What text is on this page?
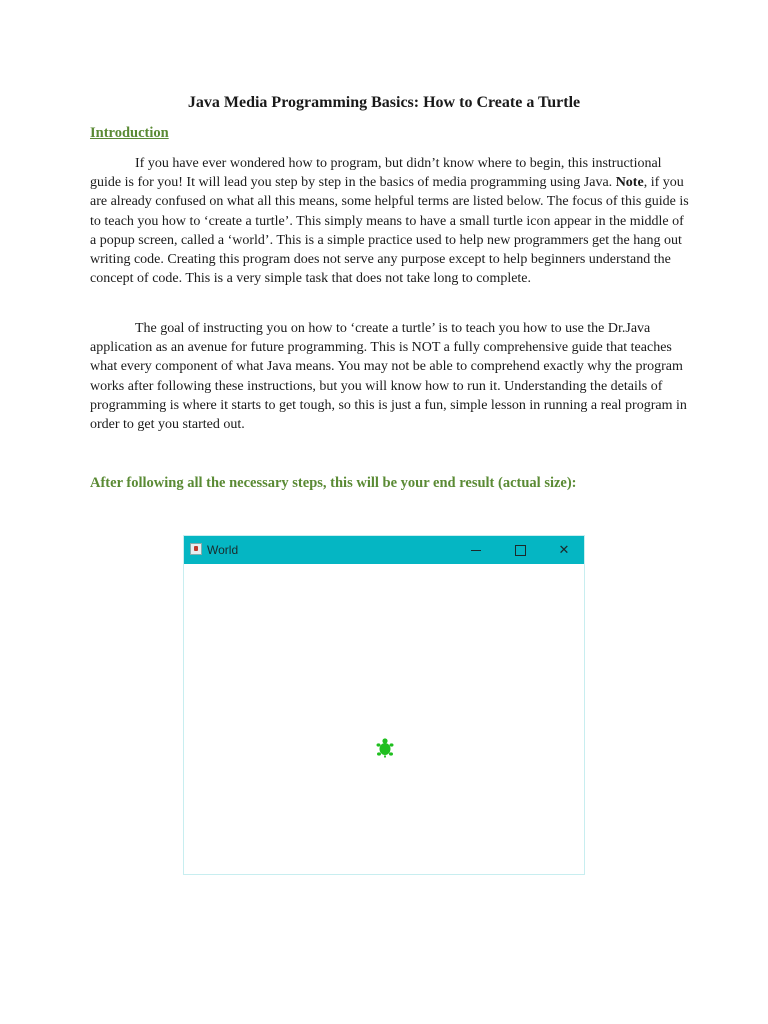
Java Media Programming Basics: How to Create a Turtle
Introduction
If you have ever wondered how to program, but didn’t know where to begin, this instructional guide is for you! It will lead you step by step in the basics of media programming using Java. Note, if you are already confused on what all this means, some helpful terms are listed below. The focus of this guide is to teach you how to ‘create a turtle’. This simply means to have a small turtle icon appear in the middle of a popup screen, called a ‘world’. This is a simple practice used to help new programmers get the hang out writing code. Creating this program does not serve any purpose except to help beginners understand the concept of code. This is a very simple task that does not take long to complete.
The goal of instructing you on how to ‘create a turtle’ is to teach you how to use the Dr.Java application as an avenue for future programming. This is NOT a fully comprehensive guide that teaches what every component of what Java means. You may not be able to comprehend exactly why the program works after following these instructions, but you will know how to run it. Understanding the details of programming is where it starts to get tough, so this is just a fun, simple lesson in running a real program in order to get you started out.
After following all the necessary steps, this will be your end result (actual size):
World	✕
